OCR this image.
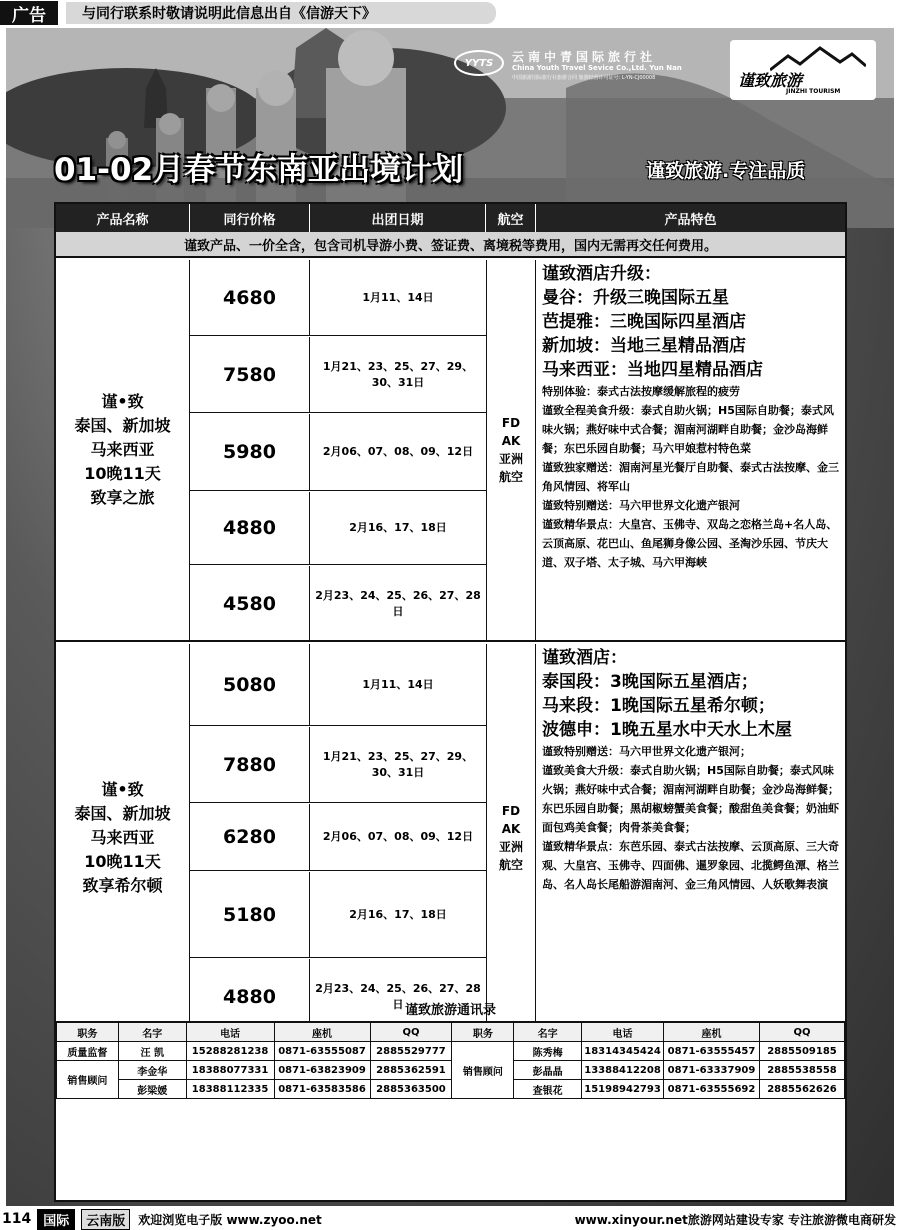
广告	与同行联系时敬请说明此信息出自《信游天下》
YYTS	云南中青国际旅行社
China Youth Travel Sevice Co.,Ltd. Yun Nan
中国旅游国际旅行社旅游合同 旅游经营许可证号: L-YN-CJ00008	谨致旅游
JINZHI TOURISM
01-02月春节东南亚出境计划	谨致旅游.专注品质
产品名称	同行价格	出团日期	航空	产品特色
谨致产品、一价全含，包含司机导游小费、签证费、离境税等费用，国内无需再交任何费用。
谨•致
泰国、新加坡
马来西亚
10晚11天
致享之旅
4680	1月11、14日
7580	1月21、23、25、27、29、30、31日
5980	2月06、07、08、09、12日
4880	2月16、17、18日
4580	2月23、24、25、26、27、28日
FD
AK
亚洲
航空
谨致酒店升级：
曼谷：升级三晚国际五星
芭提雅：三晚国际四星酒店
新加坡：当地三星精品酒店
马来西亚：当地四星精品酒店
特别体验：泰式古法按摩缓解旅程的疲劳
谨致全程美食升级：泰式自助火锅；H5国际自助餐；泰式风味火锅；燕好味中式合餐；湄南河湖畔自助餐；金沙岛海鲜餐；东巴乐园自助餐；马六甲娘惹村特色菜
谨致独家赠送：湄南河星光餐厅自助餐、泰式古法按摩、金三角风情园、将军山
谨致特别赠送：马六甲世界文化遗产银河
谨致精华景点：大皇宫、玉佛寺、双岛之恋格兰岛+名人岛、云顶高原、花巴山、鱼尾狮身像公园、圣淘沙乐园、节庆大道、双子塔、太子城、马六甲海峡
谨•致
泰国、新加坡
马来西亚
10晚11天
致享希尔顿
5080	1月11、14日
7880	1月21、23、25、27、29、30、31日
6280	2月06、07、08、09、12日
5180	2月16、17、18日
4880	2月23、24、25、26、27、28日
FD
AK
亚洲
航空
谨致酒店：
泰国段：3晚国际五星酒店；
马来段：1晚国际五星希尔顿；
波德申：1晚五星水中天水上木屋
谨致特别赠送：马六甲世界文化遗产银河；
谨致美食大升级：泰式自助火锅；H5国际自助餐；泰式风味火锅；燕好味中式合餐；湄南河湖畔自助餐；金沙岛海鲜餐；东巴乐园自助餐；黑胡椒螃蟹美食餐；酸甜鱼美食餐；奶油虾面包鸡美食餐；肉骨茶美食餐；
谨致精华景点：东芭乐园、泰式古法按摩、云顶高原、三大奇观、大皇宫、玉佛寺、四面佛、暹罗象园、北揽鳄鱼潭、格兰岛、名人岛长尾船游湄南河、金三角风情园、人妖歌舞表演
谨致旅游通讯录
职务	名字	电话	座机	QQ	职务	名字	电话	座机	QQ
质量监督	汪 凯	15288281238	0871-63555087	2885529777	销售顾问	陈秀梅	18314345424	0871-63555457	2885509185
销售顾问	李金华	18388077331	0871-63823909	2885362591		彭晶晶	13388412208	0871-63337909	2885538558
	彭梁媛	18388112335	0871-63583586	2885363500		查银花	15198942793	0871-63555692	2885562626
114 国际	云南版	欢迎浏览电子版 www.zyoo.net	www.xinyour.net旅游网站建设专家 专注旅游微电商研发
